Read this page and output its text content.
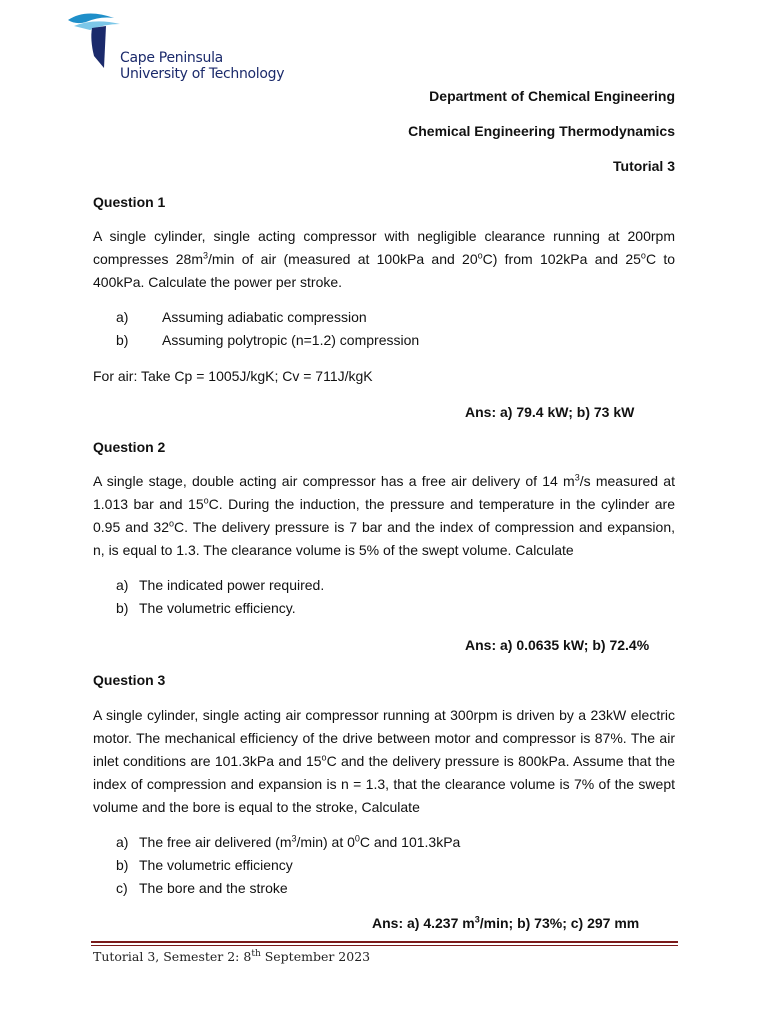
Cape Peninsula
University of Technology
Department of Chemical Engineering
Chemical Engineering Thermodynamics
Tutorial 3
Question 1
A single cylinder, single acting compressor with negligible clearance running at 200rpm compresses $28m^3/\min$ of air (measured at 100kPa and 20$^o$C) from 102kPa and 25$^o$C to 400kPa. Calculate the power per stroke.
a) Assuming adiabatic compression
b) Assuming polytropic (n=1.2) compression
For air: Take Cp = 1005J/kgK; Cv = 711J/kgK
Ans: a) 79.4 kW; b) 73 kW
Question 2
A single stage, double acting air compressor has a free air delivery of 14 $m^3/s$ measured at 1.013 bar and 15$^o$C. During the induction, the pressure and temperature in the cylinder are 0.95 and 32$^o$C. The delivery pressure is 7 bar and the index of compression and expansion, n, is equal to 1.3. The clearance volume is 5% of the swept volume. Calculate
a) The indicated power required.
b) The volumetric efficiency.
Ans: a) 0.0635 kW; b) 72.4%
Question 3
A single cylinder, single acting air compressor running at 300rpm is driven by a 23kW electric motor. The mechanical efficiency of the drive between motor and compressor is 87%. The air inlet conditions are 101.3kPa and 15$^o$C and the delivery pressure is 800kPa. Assume that the index of compression and expansion is n = 1.3, that the clearance volume is 7% of the swept volume and the bore is equal to the stroke, Calculate
a) The free air delivered $(m^3/\min)$ at $0^0C$ and 101.3kPa
b) The volumetric efficiency
c) The bore and the stroke
Ans: a) 4.237 $m^3/\min$; b) 73%; c) 297 mm
Tutorial 3, Semester 2: 8th September 2023
